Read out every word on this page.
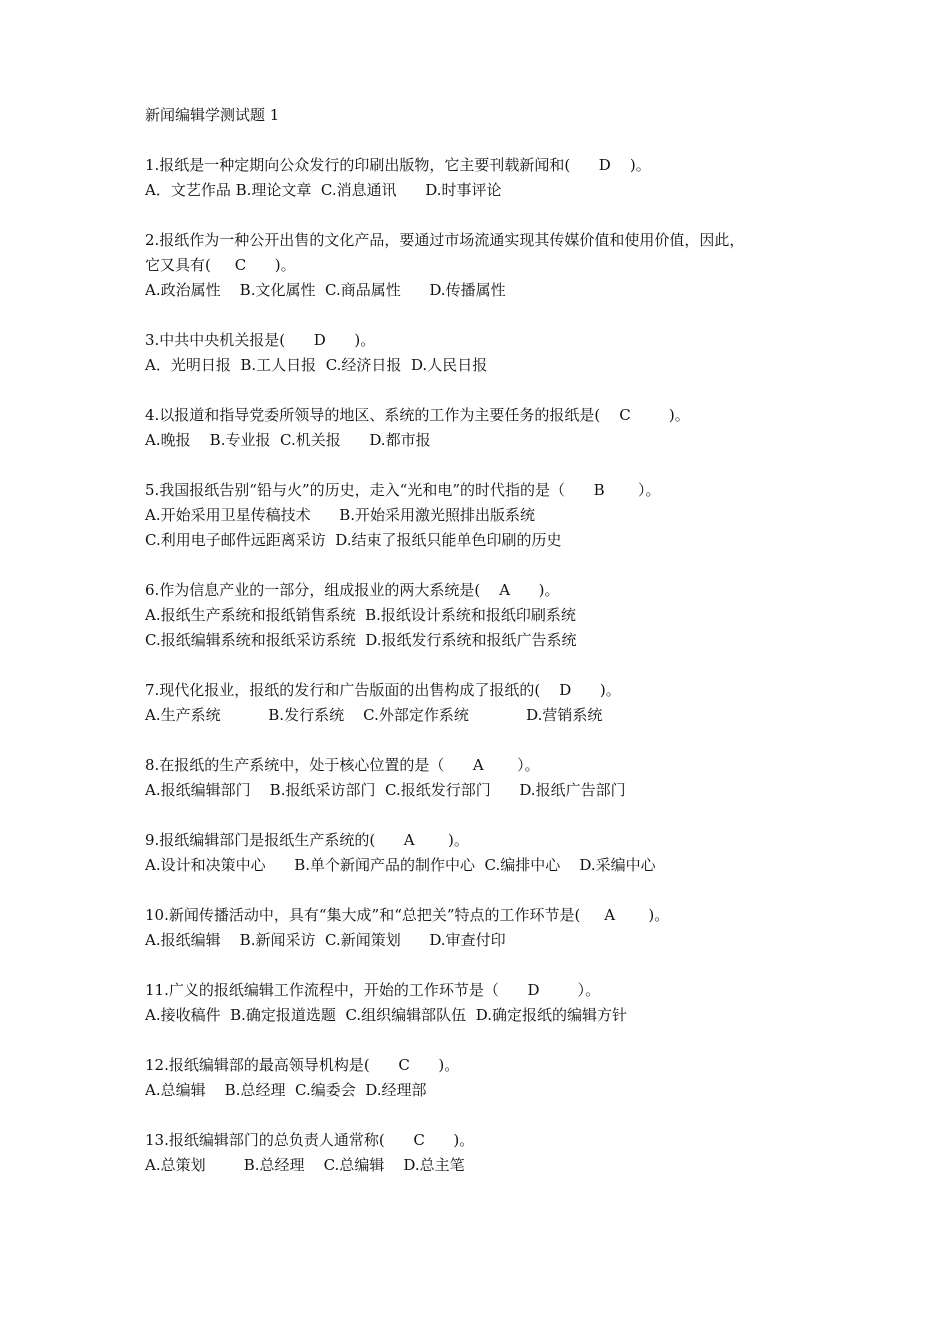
新闻编辑学测试题 1

1.报纸是一种定期向公众发行的印刷出版物，它主要刊载新闻和(      D    )。

A．文艺作品 B.理论文章  C.消息通讯      D.时事评论

2.报纸作为一种公开出售的文化产品，要通过市场流通实现其传媒价值和使用价值，因此，

它又具有(     C      )。

A.政治属性    B.文化属性  C.商品属性      D.传播属性

3.中共中央机关报是(      D      )。

A．光明日报  B.工人日报  C.经济日报  D.人民日报

4.以报道和指导党委所领导的地区、系统的工作为主要任务的报纸是(    C        )。

A.晚报    B.专业报  C.机关报      D.都市报

5.我国报纸告别“铅与火”的历史，走入“光和电”的时代指的是（      B       ）。

A.开始采用卫星传稿技术      B.开始采用激光照排出版系统

C.利用电子邮件远距离采访  D.结束了报纸只能单色印刷的历史

6.作为信息产业的一部分，组成报业的两大系统是(    A      )。

A.报纸生产系统和报纸销售系统  B.报纸设计系统和报纸印刷系统

C.报纸编辑系统和报纸采访系统  D.报纸发行系统和报纸广告系统

7.现代化报业，报纸的发行和广告版面的出售构成了报纸的(    D      )。

A.生产系统          B.发行系统    C.外部定作系统            D.营销系统

8.在报纸的生产系统中，处于核心位置的是（      A       ）。

A.报纸编辑部门    B.报纸采访部门  C.报纸发行部门      D.报纸广告部门

9.报纸编辑部门是报纸生产系统的(      A       )。

A.设计和决策中心      B.单个新闻产品的制作中心  C.编排中心    D.采编中心

10.新闻传播活动中，具有“集大成”和“总把关”特点的工作环节是(     A       )。

A.报纸编辑    B.新闻采访  C.新闻策划      D.审查付印

11.广义的报纸编辑工作流程中，开始的工作环节是（      D        ）。

A.接收稿件  B.确定报道选题  C.组织编辑部队伍  D.确定报纸的编辑方针

12.报纸编辑部的最高领导机构是(      C      )。

A.总编辑    B.总经理  C.编委会  D.经理部

13.报纸编辑部门的总负责人通常称(      C      )。

A.总策划        B.总经理    C.总编辑    D.总主笔
